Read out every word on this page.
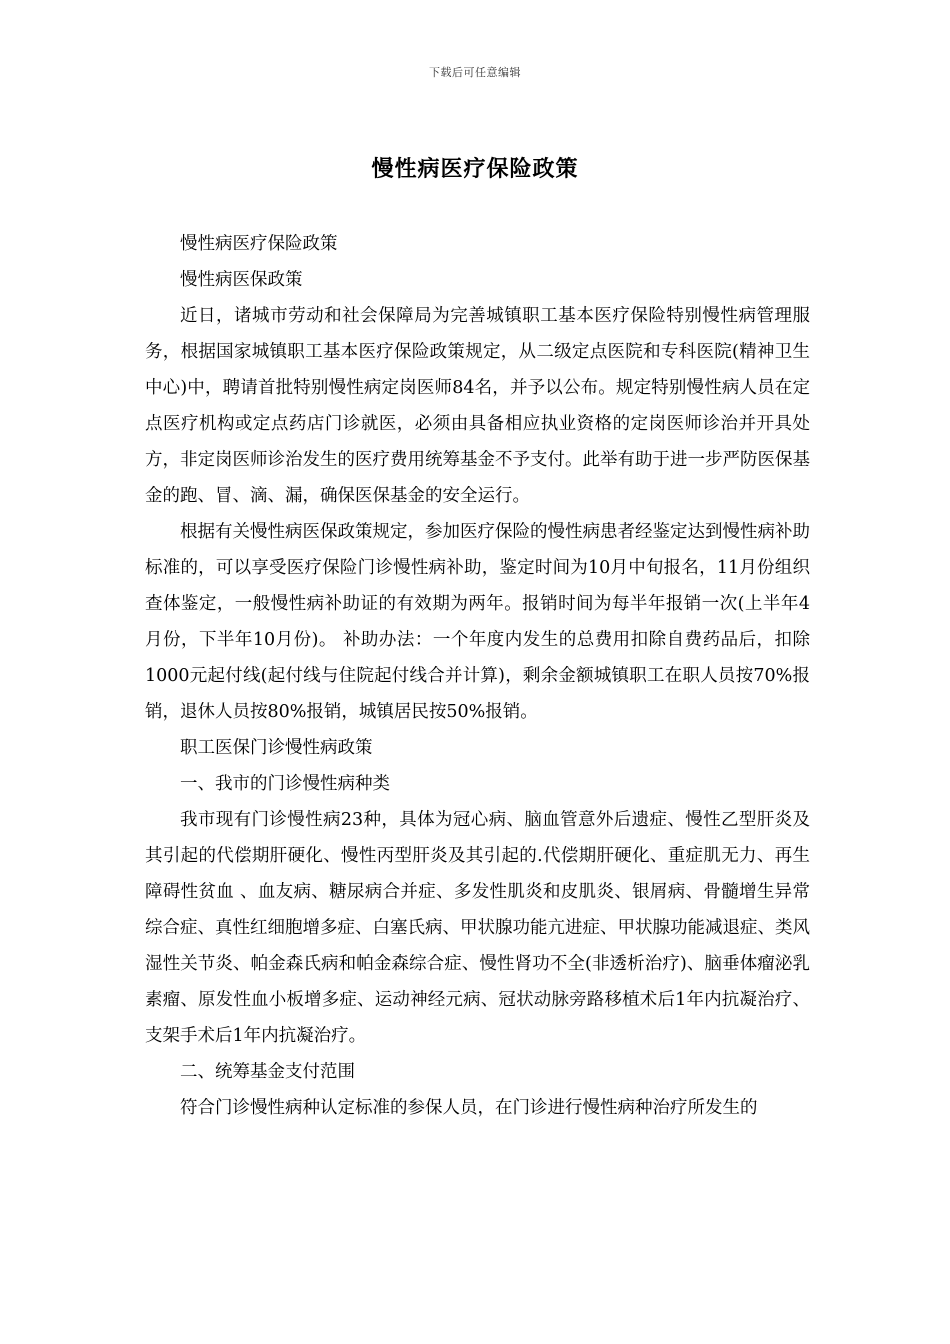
下载后可任意编辑
慢性病医疗保险政策

慢性病医疗保险政策

慢性病医保政策

近日，诸城市劳动和社会保障局为完善城镇职工基本医疗保险特别慢性病管理服务，根据国家城镇职工基本医疗保险政策规定，从二级定点医院和专科医院(精神卫生中心)中，聘请首批特别慢性病定岗医师84名，并予以公布。规定特别慢性病人员在定点医疗机构或定点药店门诊就医，必须由具备相应执业资格的定岗医师诊治并开具处方，非定岗医师诊治发生的医疗费用统筹基金不予支付。此举有助于进一步严防医保基金的跑、冒、滴、漏，确保医保基金的安全运行。

根据有关慢性病医保政策规定，参加医疗保险的慢性病患者经鉴定达到慢性病补助标准的，可以享受医疗保险门诊慢性病补助，鉴定时间为10月中旬报名，11月份组织查体鉴定，一般慢性病补助证的有效期为两年。报销时间为每半年报销一次(上半年4月份，下半年10月份)。 补助办法：一个年度内发生的总费用扣除自费药品后，扣除1000元起付线(起付线与住院起付线合并计算)，剩余金额城镇职工在职人员按70%报销，退休人员按80%报销，城镇居民按50%报销。

职工医保门诊慢性病政策

一、我市的门诊慢性病种类

我市现有门诊慢性病23种，具体为冠心病、脑血管意外后遗症、慢性乙型肝炎及其引起的代偿期肝硬化、慢性丙型肝炎及其引起的.代偿期肝硬化、重症肌无力、再生障碍性贫血 、血友病、糖尿病合并症、多发性肌炎和皮肌炎、银屑病、骨髓增生异常综合症、真性红细胞增多症、白塞氏病、甲状腺功能亢进症、甲状腺功能减退症、类风湿性关节炎、帕金森氏病和帕金森综合症、慢性肾功不全(非透析治疗)、脑垂体瘤泌乳素瘤、原发性血小板增多症、运动神经元病、冠状动脉旁路移植术后1年内抗凝治疗、支架手术后1年内抗凝治疗。

二、统筹基金支付范围

符合门诊慢性病种认定标准的参保人员，在门诊进行慢性病种治疗所发生的
